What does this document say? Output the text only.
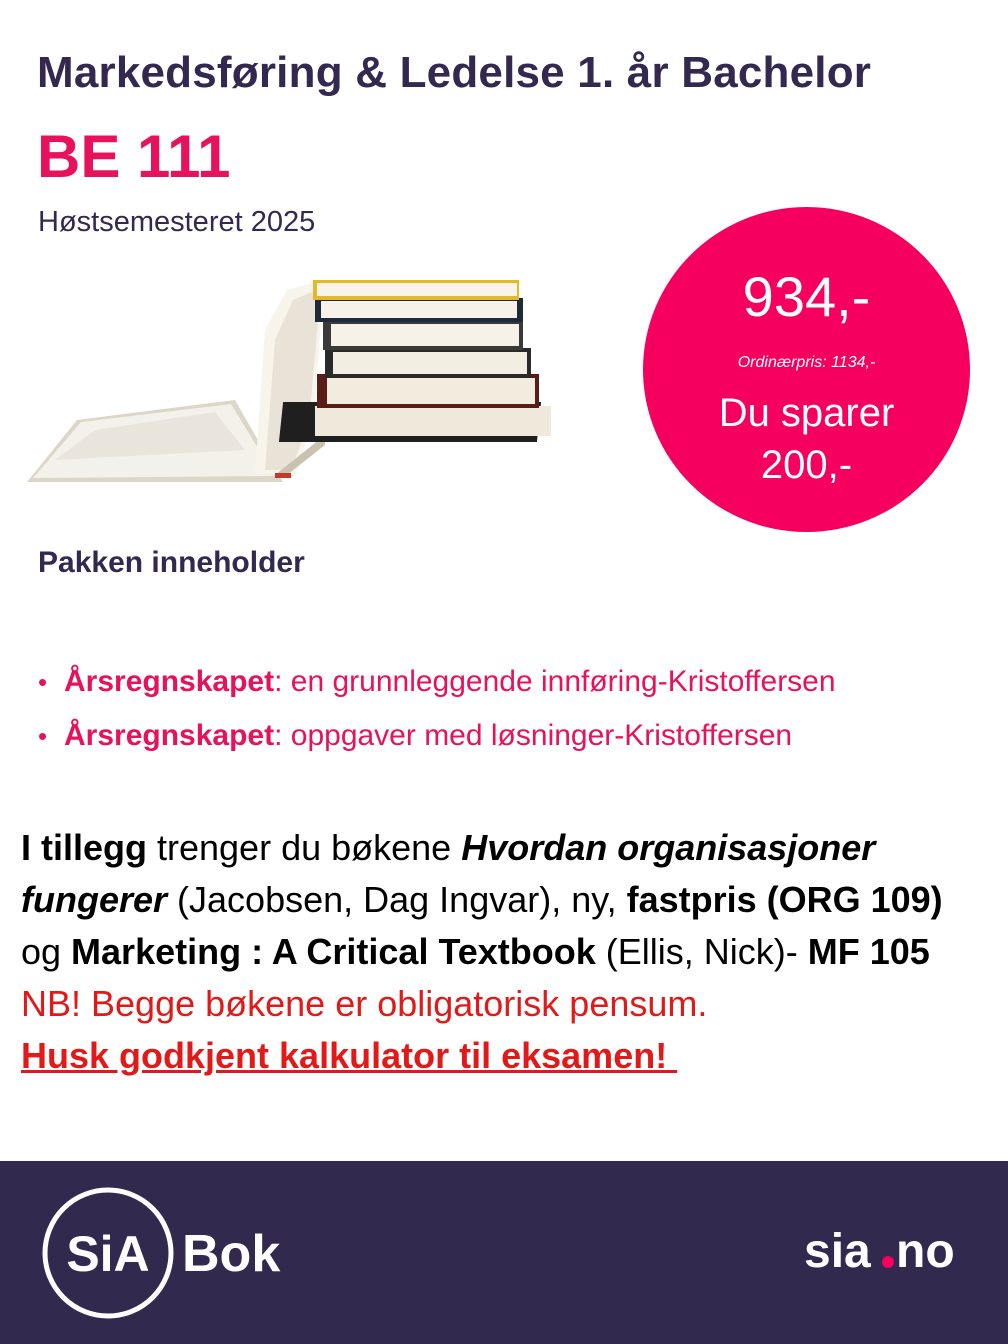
Markedsføring & Ledelse 1. år Bachelor
BE 111
Høstsemesteret 2025
934,-
Ordinærpris: 1134,-
Du sparer
200,-
Pakken inneholder
• Årsregnskapet: en grunnleggende innføring-Kristoffersen
• Årsregnskapet: oppgaver med løsninger-Kristoffersen
I tillegg trenger du bøkene Hvordan organisasjoner fungerer (Jacobsen, Dag Ingvar), ny, fastpris (ORG 109) og Marketing : A Critical Textbook (Ellis, Nick)- MF 105
NB! Begge bøkene er obligatorisk pensum.
Husk godkjent kalkulator til eksamen!
SiA Bok	sia no
